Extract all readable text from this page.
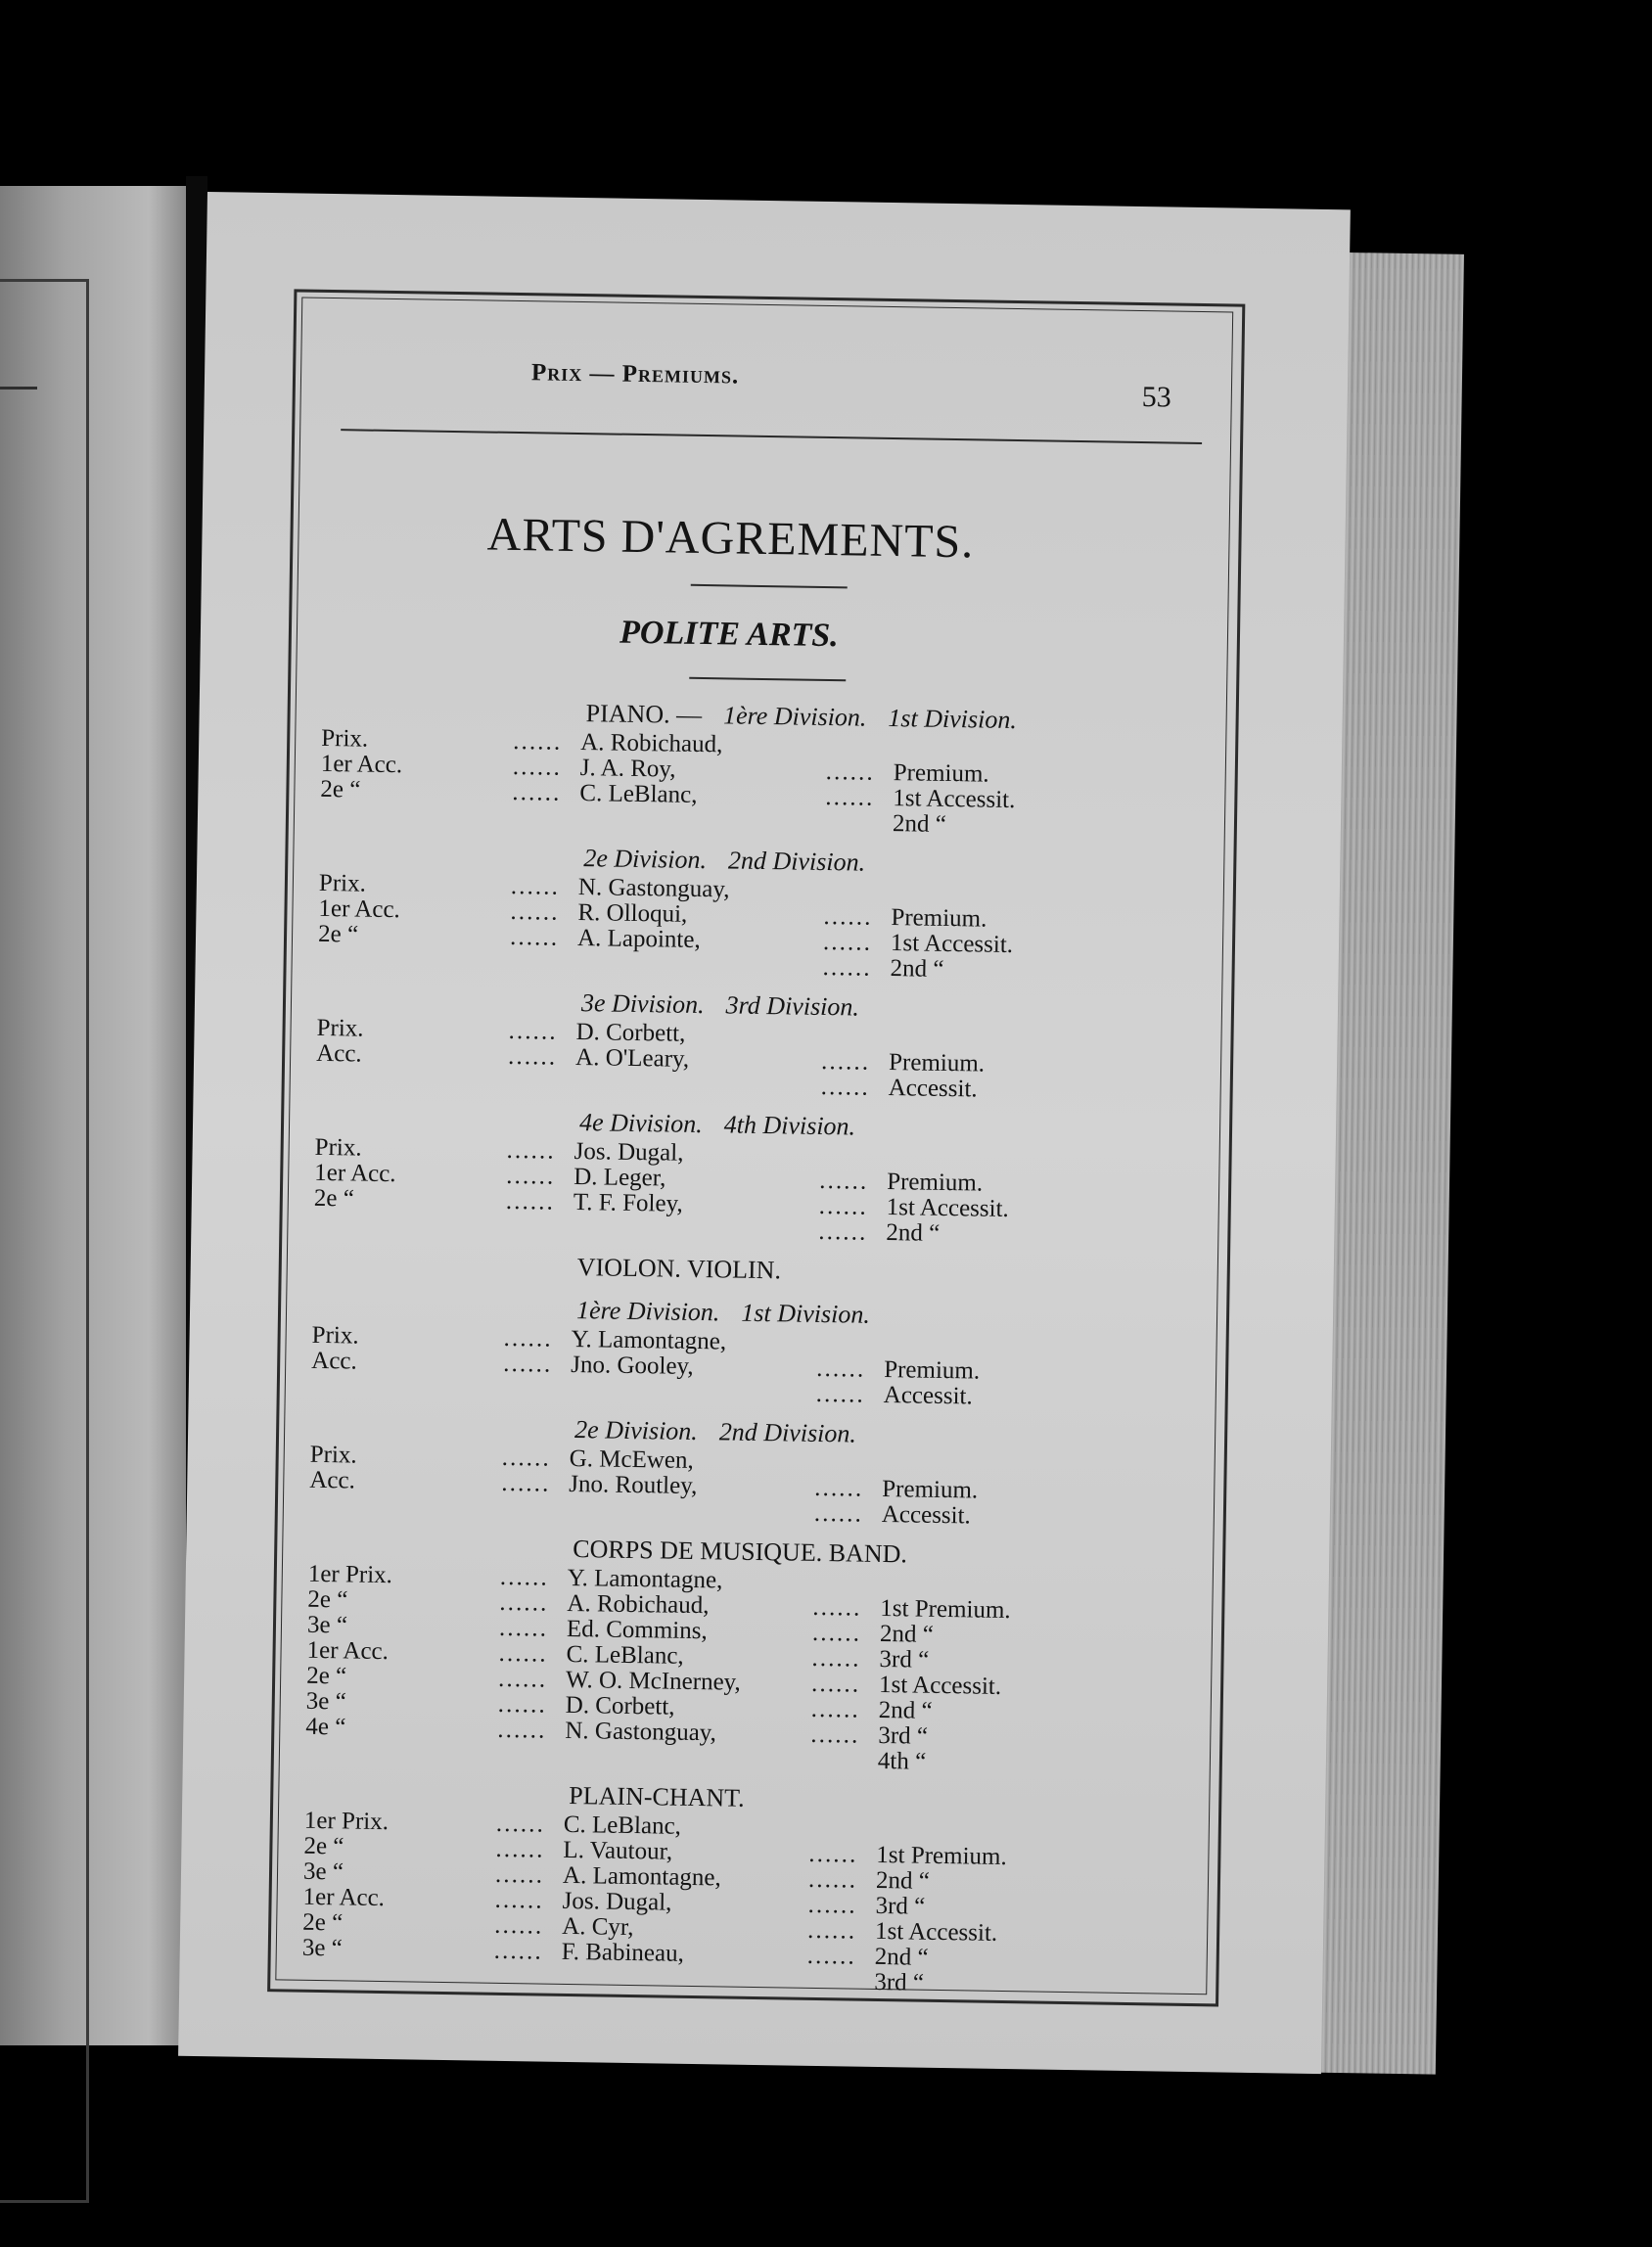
Prix — Premiums.
53
ARTS D'AGREMENTS.
POLITE ARTS.
PIANO. — 1ère Division. 1st Division.
Prix.	…… A. Robichaud,
1er Acc.	…… J. A. Roy,	…… Premium.
2e “	…… C. LeBlanc,	…… 1st Accessit.
2nd “
2e Division. 2nd Division.
Prix.	…… N. Gastonguay,
1er Acc.	…… R. Olloqui,	…… Premium.
2e “	…… A. Lapointe,	…… 1st Accessit.
…… 2nd “
3e Division. 3rd Division.
Prix.	…… D. Corbett,
Acc.	…… A. O'Leary,	…… Premium.
…… Accessit.
4e Division. 4th Division.
Prix.	…… Jos. Dugal,
1er Acc.	…… D. Leger,	…… Premium.
2e “	…… T. F. Foley,	…… 1st Accessit.
…… 2nd “
VIOLON. VIOLIN.
1ère Division. 1st Division.
Prix.	…… Y. Lamontagne,
Acc.	…… Jno. Gooley,	…… Premium.
…… Accessit.
2e Division. 2nd Division.
Prix.	…… G. McEwen,
Acc.	…… Jno. Routley,	…… Premium.
…… Accessit.
CORPS DE MUSIQUE. BAND.
1er Prix.	…… Y. Lamontagne,
2e “	…… A. Robichaud,	…… 1st Premium.
3e “	…… Ed. Commins,	…… 2nd “
1er Acc.	…… C. LeBlanc,	…… 3rd “
2e “	…… W. O. McInerney,	…… 1st Accessit.
3e “	…… D. Corbett,	…… 2nd “
4e “	…… N. Gastonguay,	…… 3rd “
4th “
PLAIN-CHANT.
1er Prix.	…… C. LeBlanc,
2e “	…… L. Vautour,	…… 1st Premium.
3e “	…… A. Lamontagne,	…… 2nd “
1er Acc.	…… Jos. Dugal,	…… 3rd “
2e “	…… A. Cyr,	…… 1st Accessit.
3e “	…… F. Babineau,	…… 2nd “
3rd “
